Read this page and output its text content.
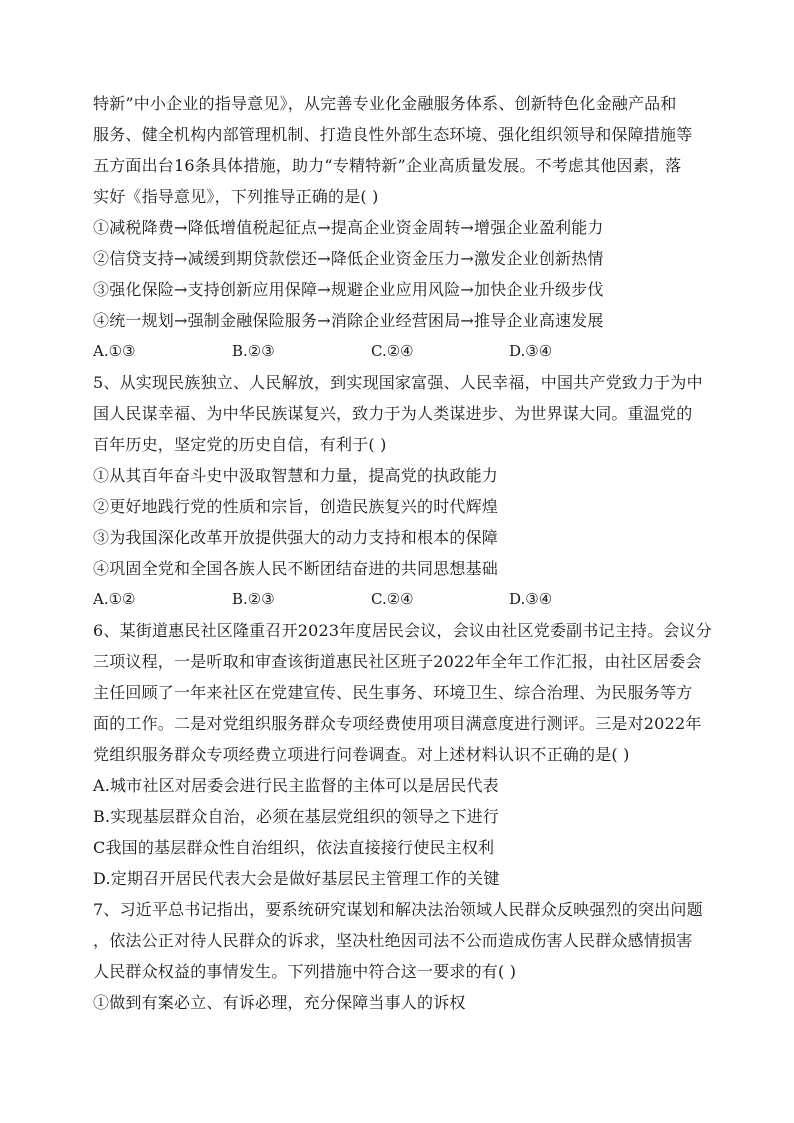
特新”中小企业的指导意见》，从完善专业化金融服务体系、创新特色化金融产品和
服务、健全机构内部管理机制、打造良性外部生态环境、强化组织领导和保障措施等
五方面出台16条具体措施，助力“专精特新”企业高质量发展。不考虑其他因素，落
实好《指导意见》，下列推导正确的是( )
①减税降费→降低增值税起征点→提高企业资金周转→增强企业盈利能力
②信贷支持→减缓到期贷款偿还→降低企业资金压力→激发企业创新热情
③强化保险→支持创新应用保障→规避企业应用风险→加快企业升级步伐
④统一规划→强制金融保险服务→消除企业经营困局→推导企业高速发展
A.①③	B.②③	C.②④	D.③④
5、从实现民族独立、人民解放，到实现国家富强、人民幸福，中国共产党致力于为中
国人民谋幸福、为中华民族谋复兴，致力于为人类谋进步、为世界谋大同。重温党的
百年历史，坚定党的历史自信，有利于( )
①从其百年奋斗史中汲取智慧和力量，提高党的执政能力
②更好地践行党的性质和宗旨，创造民族复兴的时代辉煌
③为我国深化改革开放提供强大的动力支持和根本的保障
④巩固全党和全国各族人民不断团结奋进的共同思想基础
A.①②	B.②③	C.②④	D.③④
6、某街道惠民社区隆重召开2023年度居民会议，会议由社区党委副书记主持。会议分
三项议程，一是听取和审查该街道惠民社区班子2022年全年工作汇报，由社区居委会
主任回顾了一年来社区在党建宣传、民生事务、环境卫生、综合治理、为民服务等方
面的工作。二是对党组织服务群众专项经费使用项目满意度进行测评。三是对2022年
党组织服务群众专项经费立项进行问卷调查。对上述材料认识不正确的是( )
A.城市社区对居委会进行民主监督的主体可以是居民代表
B.实现基层群众自治，必须在基层党组织的领导之下进行
C我国的基层群众性自治组织，依法直接接行使民主权利
D.定期召开居民代表大会是做好基层民主管理工作的关键
7、习近平总书记指出，要系统研究谋划和解决法治领域人民群众反映强烈的突出问题
，依法公正对待人民群众的诉求，坚决杜绝因司法不公而造成伤害人民群众感情损害
人民群众权益的事情发生。下列措施中符合这一要求的有( )
①做到有案必立、有诉必理，充分保障当事人的诉权
